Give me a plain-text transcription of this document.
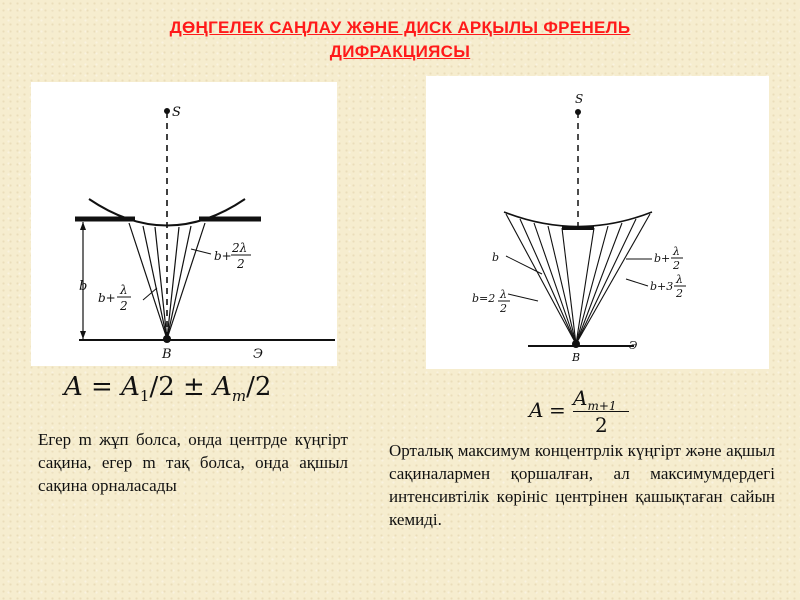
ДӨҢГЕЛЕК САҢЛАУ ЖӘНЕ ДИСК АРҚЫЛЫ ФРЕНЕЛЬ
ДИФРАКЦИЯСЫ
S
b
b+
2λ
2
b+
λ
2
B	Э
S
b
b=2 λ
2
b+
λ
2
b+3
λ
2
B
Э
$A = A_1/2 \pm A_m/2$
$A = A_{m+1}$
2
Егер m жұп болса, онда центрде күңгірт сақина, егер m тақ болса, онда ақшыл сақина орналасады
Орталық максимум концентрлік күңгірт және ақшыл сақиналармен қоршалған, ал максимумдердегі интенсивтілік көрініс центрінен қашықтаған сайын кемиді.
